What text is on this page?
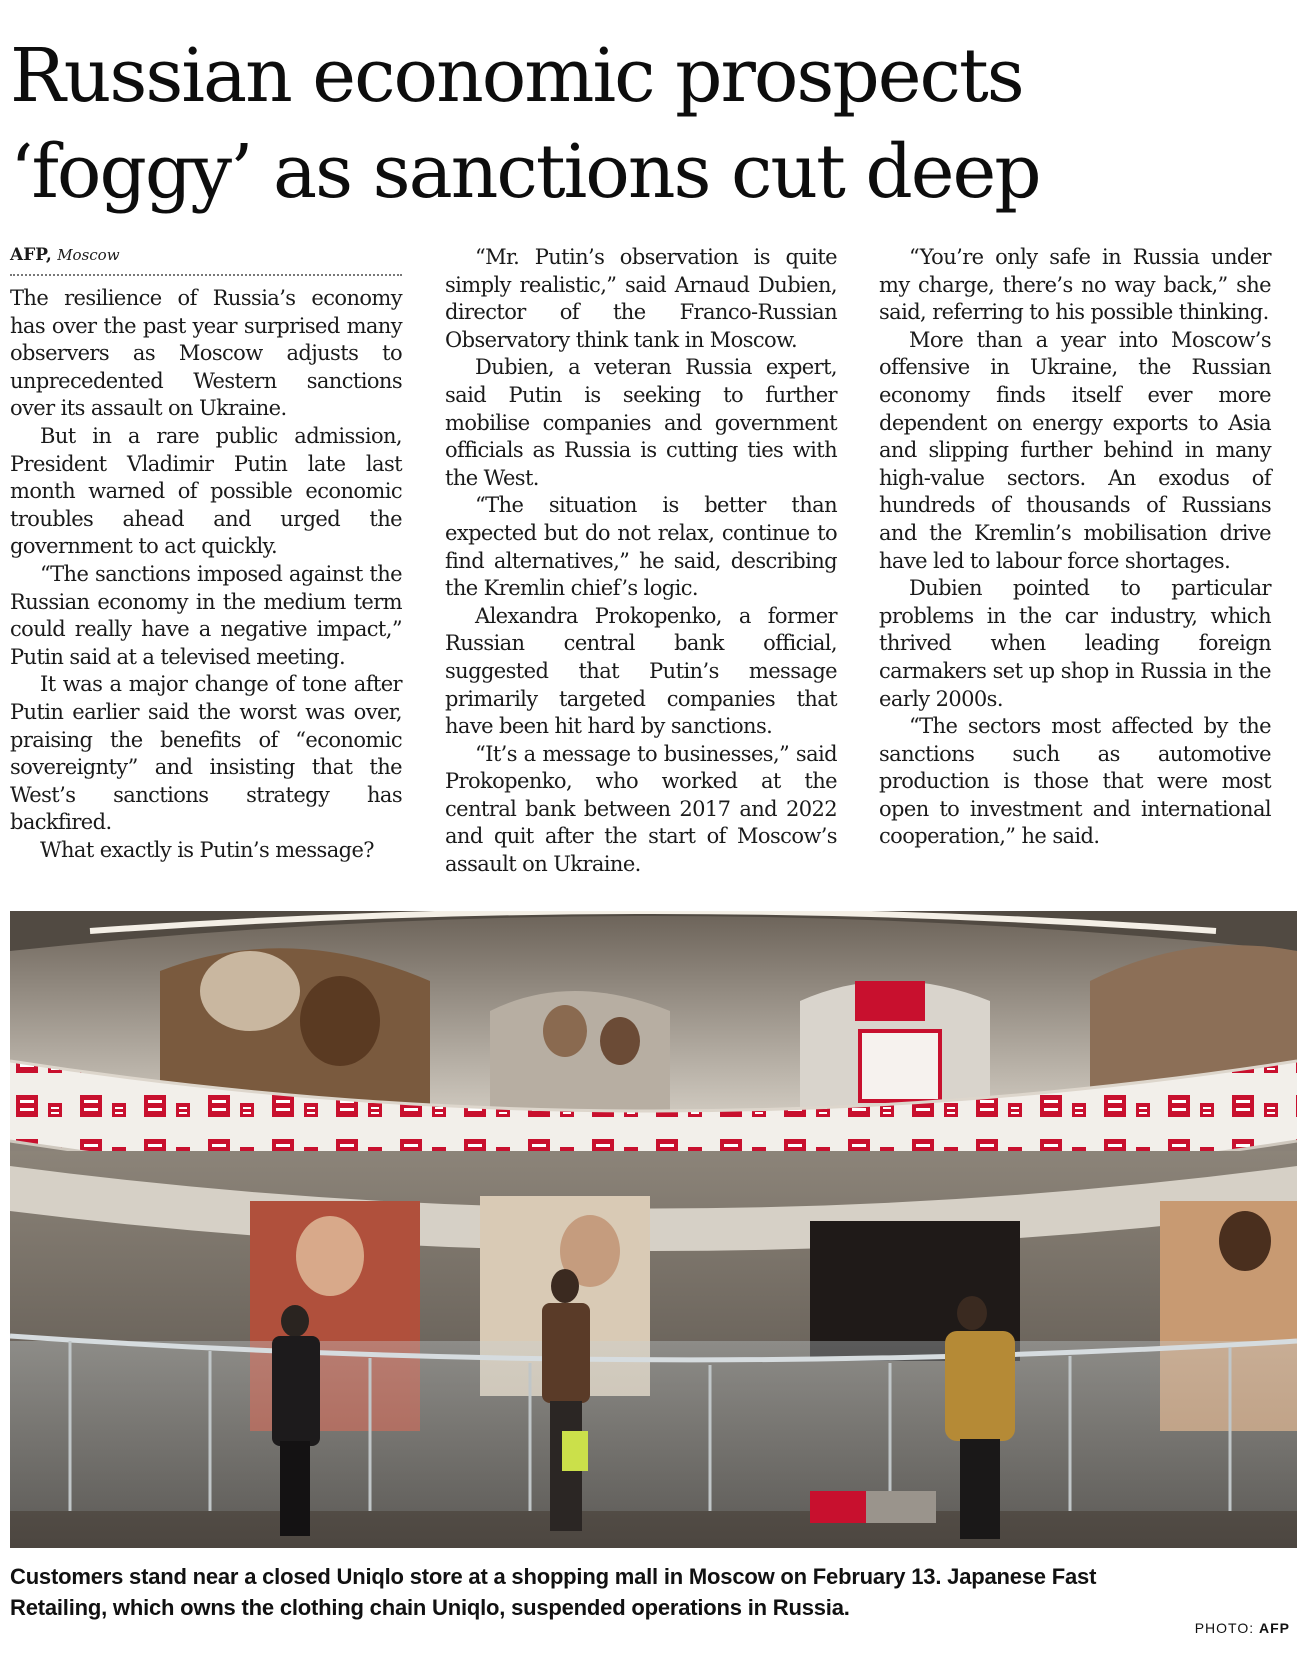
Russian economic prospects
‘foggy’ as sanctions cut deep
AFP, Moscow

The resilience of Russia’s economy has over the past year surprised many observers as Moscow adjusts to unprecedented Western sanctions over its assault on Ukraine.

But in a rare public admission, President Vladimir Putin late last month warned of possible economic troubles ahead and urged the government to act quickly.

“The sanctions imposed against the Russian economy in the medium term could really have a negative impact,” Putin said at a televised meeting.

It was a major change of tone after Putin earlier said the worst was over, praising the benefits of “economic sovereignty” and insisting that the West’s sanctions strategy has backfired.

What exactly is Putin’s message?

“Mr. Putin’s observation is quite simply realistic,” said Arnaud Dubien, director of the Franco-Russian Observatory think tank in Moscow.

Dubien, a veteran Russia expert, said Putin is seeking to further mobilise companies and government officials as Russia is cutting ties with the West.

“The situation is better than expected but do not relax, continue to find alternatives,” he said, describing the Kremlin chief’s logic.

Alexandra Prokopenko, a former Russian central bank official, suggested that Putin’s message primarily targeted companies that have been hit hard by sanctions.

“It’s a message to businesses,” said Prokopenko, who worked at the central bank between 2017 and 2022 and quit after the start of Moscow’s assault on Ukraine.

“You’re only safe in Russia under my charge, there’s no way back,” she said, referring to his possible thinking.

More than a year into Moscow’s offensive in Ukraine, the Russian economy finds itself ever more dependent on energy exports to Asia and slipping further behind in many high-value sectors. An exodus of hundreds of thousands of Russians and the Kremlin’s mobilisation drive have led to labour force shortages.

Dubien pointed to particular problems in the car industry, which thrived when leading foreign carmakers set up shop in Russia in the early 2000s.

“The sectors most affected by the sanctions such as automotive production is those that were most open to investment and international cooperation,” he said.

Customers stand near a closed Uniqlo store at a shopping mall in Moscow on February 13. Japanese Fast Retailing, which owns the clothing chain Uniqlo, suspended operations in Russia.
PHOTO: AFP
